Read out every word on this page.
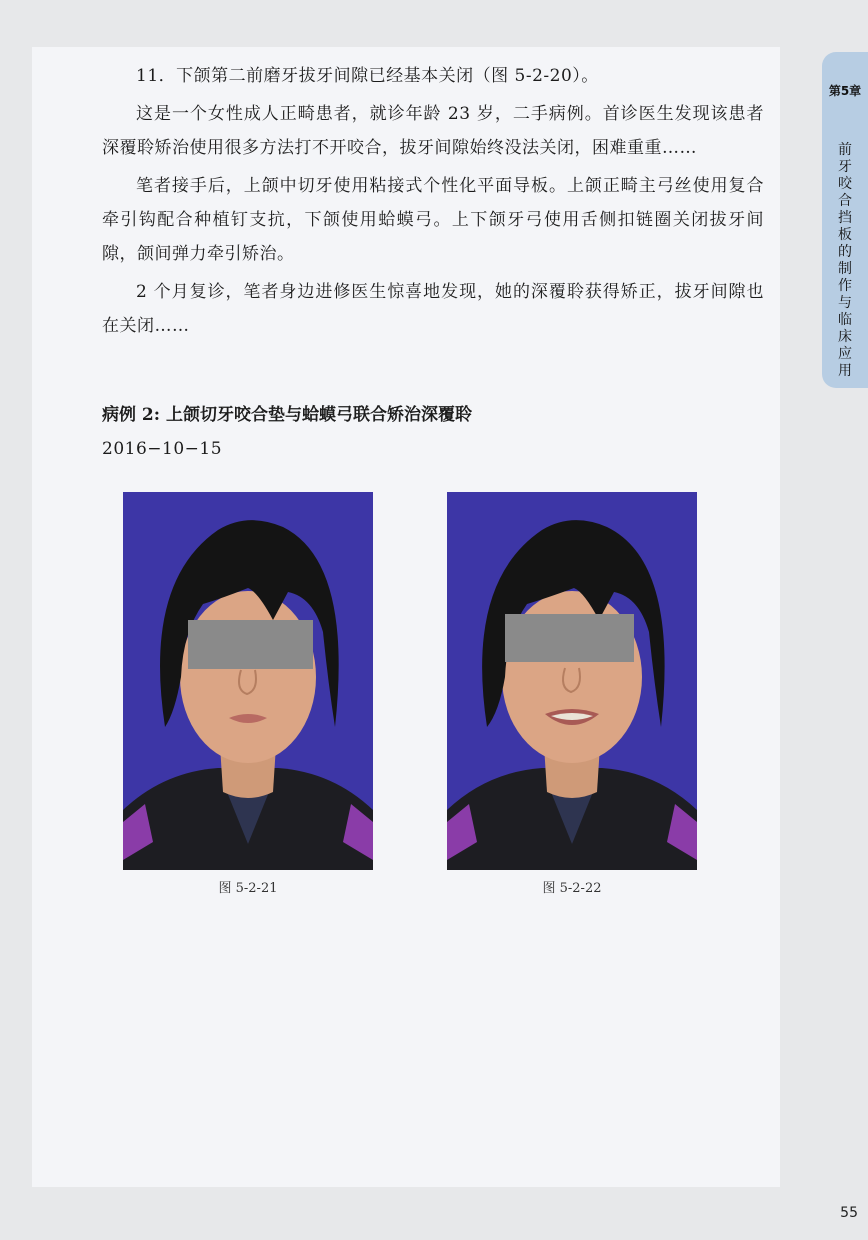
11．下颌第二前磨牙拔牙间隙已经基本关闭（图 5-2-20）。

这是一个女性成人正畸患者，就诊年龄 23 岁，二手病例。首诊医生发现该患者深覆聆矫治使用很多方法打不开咬合，拔牙间隙始终没法关闭，困难重重……

笔者接手后，上颌中切牙使用粘接式个性化平面导板。上颌正畸主弓丝使用复合牵引钩配合种植钉支抗，下颌使用蛤蟆弓。上下颌牙弓使用舌侧扣链圈关闭拔牙间隙，颌间弹力牵引矫治。

2 个月复诊，笔者身边进修医生惊喜地发现，她的深覆聆获得矫正，拔牙间隙也在关闭……

病例 2: 上颌切牙咬合垫与蛤蟆弓联合矫治深覆聆

2016−10−15

图 5-2-21	图 5-2-22
第5章
前牙咬合挡板的制作与临床应用
55
